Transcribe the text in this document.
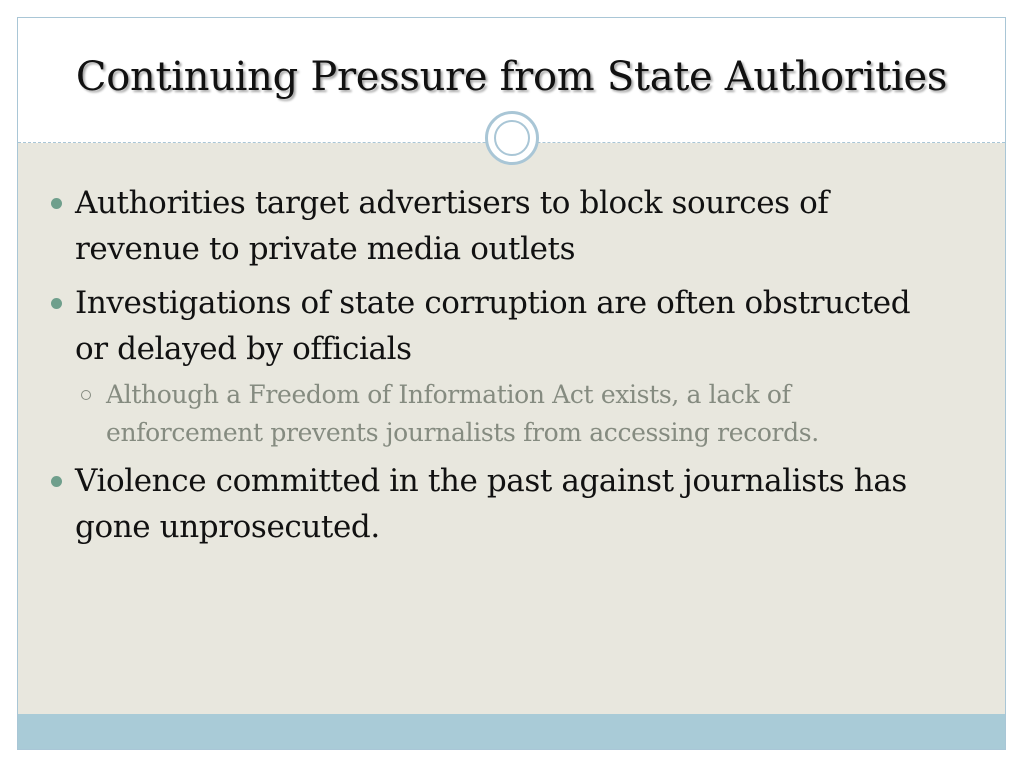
Continuing Pressure from State Authorities
Authorities target advertisers to block sources of revenue to private media outlets
Investigations of state corruption are often obstructed or delayed by officials
Although a Freedom of Information Act exists, a lack of enforcement prevents journalists from accessing records.
Violence committed in the past against journalists has gone unprosecuted.
